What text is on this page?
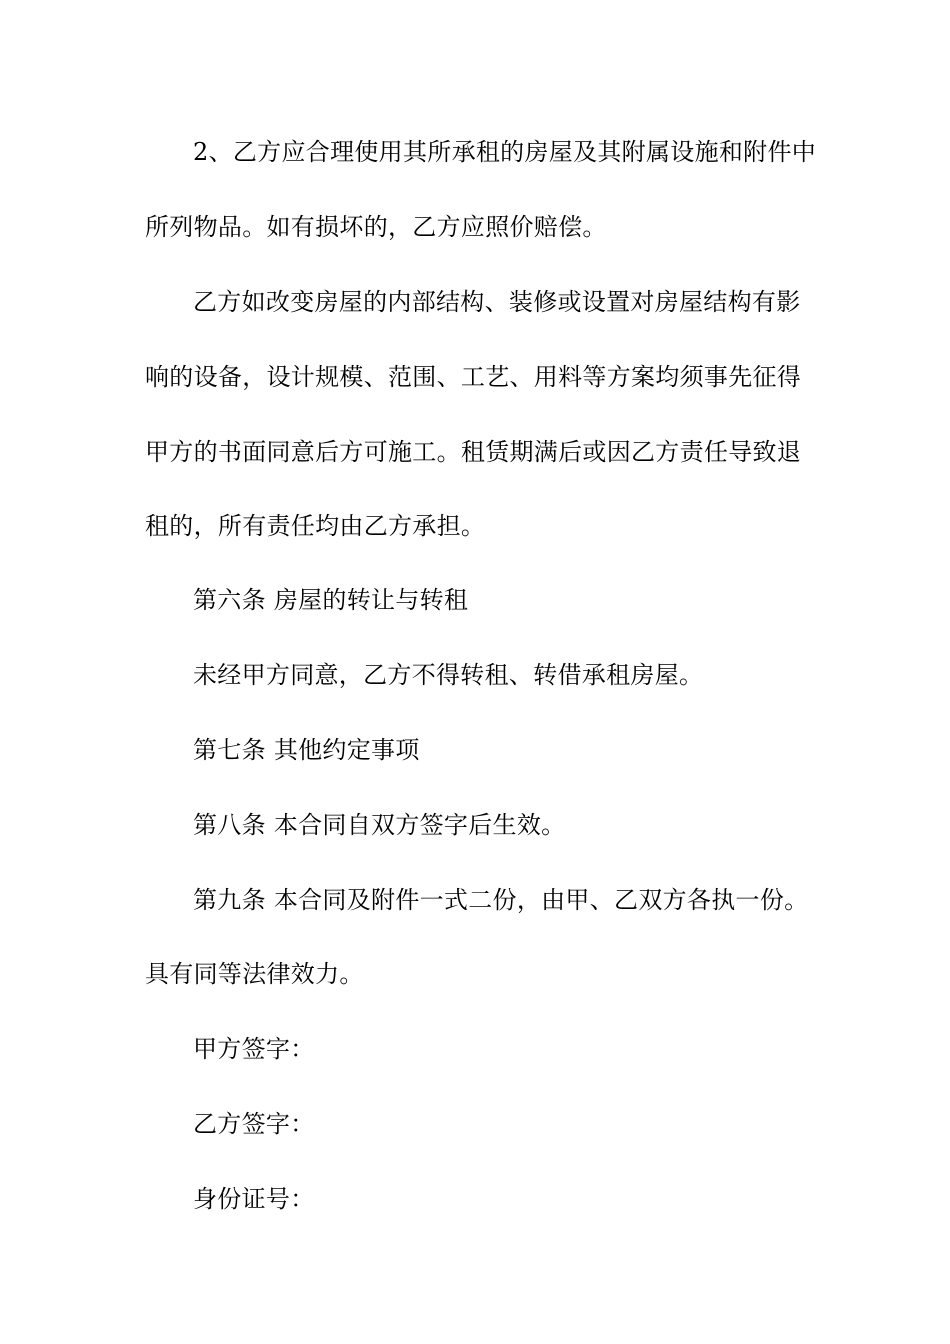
2、乙方应合理使用其所承租的房屋及其附属设施和附件中
所列物品。如有损坏的，乙方应照价赔偿。
乙方如改变房屋的内部结构、装修或设置对房屋结构有影
响的设备，设计规模、范围、工艺、用料等方案均须事先征得
甲方的书面同意后方可施工。租赁期满后或因乙方责任导致退
租的，所有责任均由乙方承担。
第六条 房屋的转让与转租
未经甲方同意，乙方不得转租、转借承租房屋。
第七条 其他约定事项
第八条 本合同自双方签字后生效。
第九条 本合同及附件一式二份，由甲、乙双方各执一份。
具有同等法律效力。
甲方签字：
乙方签字：
身份证号：
